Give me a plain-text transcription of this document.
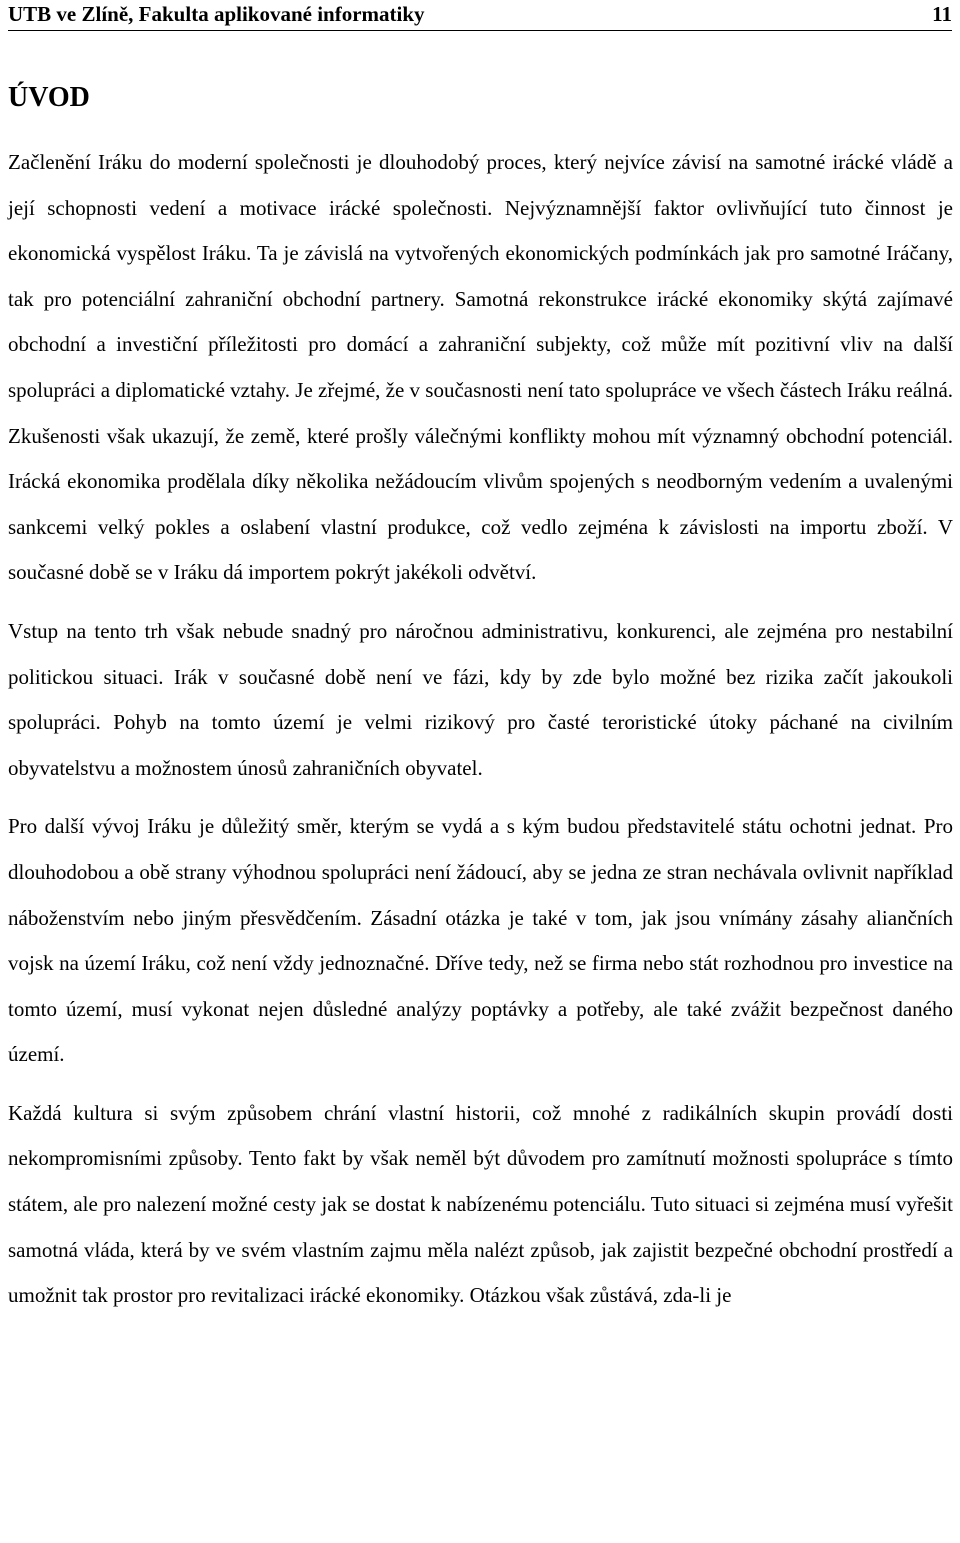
UTB ve Zlíně, Fakultа aplikované informatiky	11
ÚVOD

Začlenění Iráku do moderní společnosti je dlouhodobý proces, který nejvíce závisí na samotné irácké vládě a její schopnosti vedení a motivace irácké společnosti. Nejvýznamnější faktor ovlivňující tuto činnost je ekonomická vyspělost Iráku. Ta je závislá na vytvořených ekonomických podmínkách jak pro samotné Iráčany, tak pro potenciální zahraniční obchodní partnery. Samotná rekonstrukce irácké ekonomiky skýtá zajímavé obchodní a investiční příležitosti pro domácí a zahraniční subjekty, což může mít pozitivní vliv na další spolupráci a diplomatické vztahy. Je zřejmé, že v současnosti není tato spolupráce ve všech částech Iráku reálná. Zkušenosti však ukazují, že země, které prošly válečnými konflikty mohou mít významný obchodní potenciál. Irácká ekonomika prodělala díky několika nežádoucím vlivům spojených s neodborným vedením a uvalenými sankcemi velký pokles a oslabení vlastní produkce, což vedlo zejména k závislosti na importu zboží. V současné době se v Iráku dá importem pokrýt jakékoli odvětví.

Vstup na tento trh však nebude snadný pro náročnou administrativu, konkurenci, ale zejména pro nestabilní politickou situaci. Irák v současné době není ve fázi, kdy by zde bylo možné bez rizika začít jakoukoli spolupráci. Pohyb na tomto území je velmi rizikový pro časté teroristické útoky páchané na civilním obyvatelstvu a možnostem únosů zahraničních obyvatel.

Pro další vývoj Iráku je důležitý směr, kterým se vydá a s kým budou představitelé státu ochotni jednat. Pro dlouhodobou a obě strany výhodnou spolupráci není žádoucí, aby se jedna ze stran nechávala ovlivnit například náboženstvím nebo jiným přesvědčením. Zásadní otázka je také v tom, jak jsou vnímány zásahy aliančních vojsk na území Iráku, což není vždy jednoznačné. Dříve tedy, než se firma nebo stát rozhodnou pro investice na tomto území, musí vykonat nejen důsledné analýzy poptávky a potřeby, ale také zvážit bezpečnost daného území.

Každá kultura si svým způsobem chrání vlastní historii, což mnohé z radikálních skupin provádí dosti nekompromisními způsoby. Tento fakt by však neměl být důvodem pro zamítnutí možnosti spolupráce s tímto státem, ale pro nalezení možné cesty jak se dostat k nabízenému potenciálu. Tuto situaci si zejména musí vyřešit samotná vláda, která by ve svém vlastním zajmu měla nalézt způsob, jak zajistit bezpečné obchodní prostředí a umožnit tak prostor pro revitalizaci irácké ekonomiky. Otázkou však zůstává, zda-li je
